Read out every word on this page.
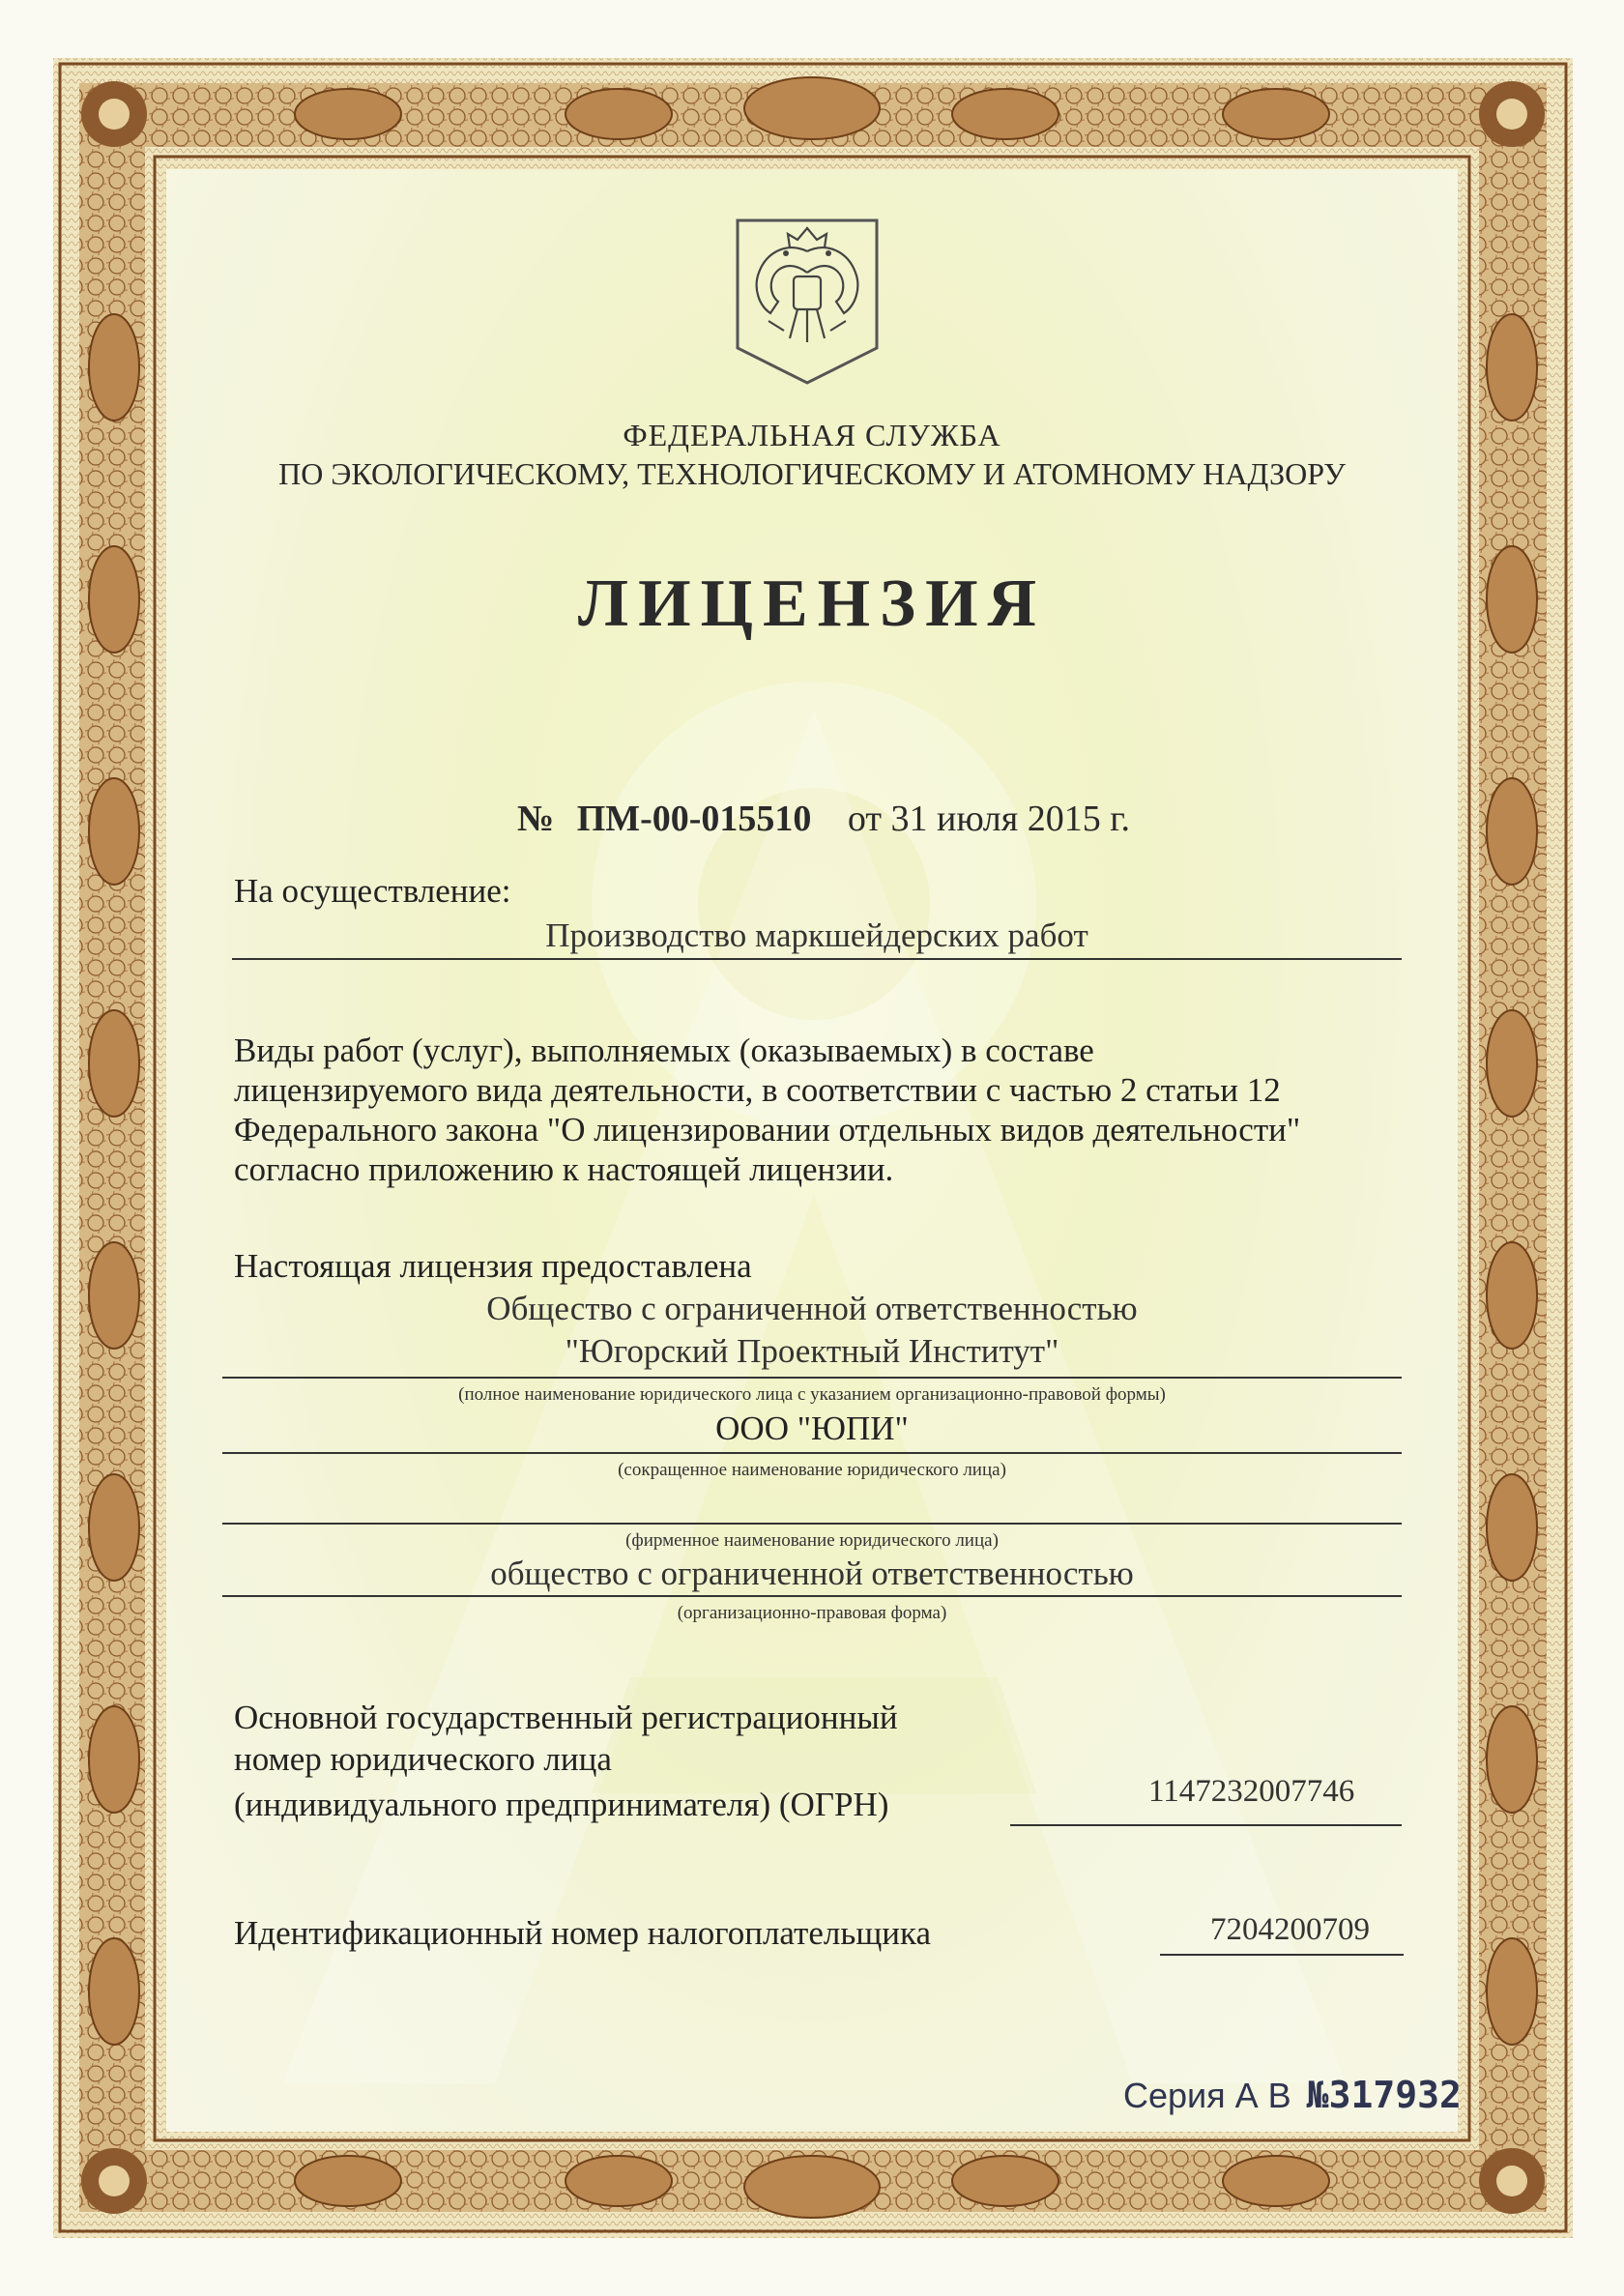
ФЕДЕРАЛЬНАЯ СЛУЖБА
ПО ЭКОЛОГИЧЕСКОМУ, ТЕХНОЛОГИЧЕСКОМУ И АТОМНОМУ НАДЗОРУ
ЛИЦЕНЗИЯ
№ ПМ-00-015510 от 31 июля 2015 г.
На осуществление:
Производство маркшейдерских работ
Виды работ (услуг), выполняемых (оказываемых) в составе
лицензируемого вида деятельности, в соответствии с частью 2 статьи 12
Федерального закона "О лицензировании отдельных видов деятельности"
согласно приложению к настоящей лицензии.
Настоящая лицензия предоставлена
Общество с ограниченной ответственностью
"Югорский Проектный Институт"
(полное наименование юридического лица с указанием организационно-правовой формы)
ООО "ЮПИ"
(сокращенное наименование юридического лица)
(фирменное наименование юридического лица)
общество с ограниченной ответственностью
(организационно-правовая форма)
Основной государственный регистрационный
номер юридического лица
(индивидуального предпринимателя) (ОГРН)	1147232007746
Идентификационный номер налогоплательщика	7204200709
Серия А В №317932
